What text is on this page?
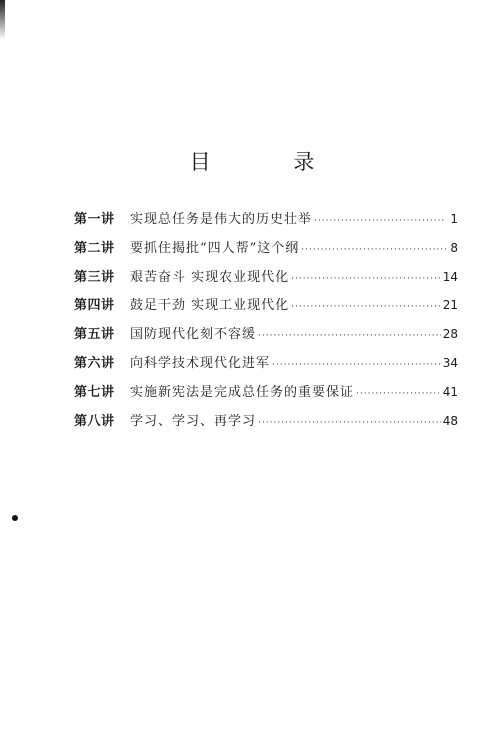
目 录
第一讲	实现总任务是伟大的历史壮举 ·····	1
第二讲	要抓住揭批“四人帮”这个纲 ·····	8
第三讲	艰苦奋斗 实现农业现代化 ·····	14
第四讲	鼓足干劲 实现工业现代化 ·····	21
第五讲	国防现代化刻不容缓 ·····	28
第六讲	向科学技术现代化进军 ·····	34
第七讲	实施新宪法是完成总任务的重要保证 ·····	41
第八讲	学习、学习、再学习 ·····	48
